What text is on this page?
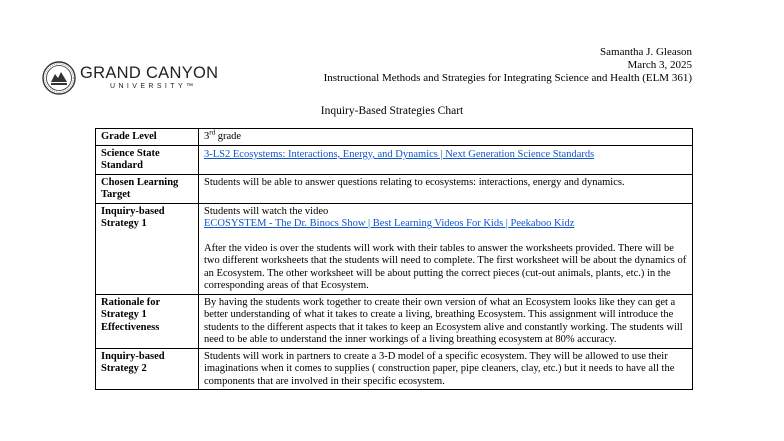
GRAND CANYON
UNIVERSITY™
Samantha J. Gleason
March 3, 2025
Instructional Methods and Strategies for Integrating Science and Health (ELM 361)
Inquiry-Based Strategies Chart
Grade Level	3rd grade
Science State Standard	3-LS2 Ecosystems: Interactions, Energy, and Dynamics | Next Generation Science Standards
Chosen Learning Target	Students will be able to answer questions relating to ecosystems: interactions, energy and dynamics.
Inquiry-based Strategy 1	Students will watch the video
ECOSYSTEM - The Dr. Binocs Show | Best Learning Videos For Kids | Peekaboo Kidz
After the video is over the students will work with their tables to answer the worksheets provided. There will be two different worksheets that the students will need to complete. The first worksheet will be about the dynamics of an Ecosystem. The other worksheet will be about putting the correct pieces (cut-out animals, plants, etc.) in the corresponding areas of that Ecosystem.

Rationale for Strategy 1 Effectiveness	By having the students work together to create their own version of what an Ecosystem looks like they can get a better understanding of what it takes to create a living, breathing Ecosystem. This assignment will introduce the students to the different aspects that it takes to keep an Ecosystem alive and constantly working. The students will need to be able to understand the inner workings of a living breathing ecosystem at 80% accuracy.
Inquiry-based Strategy 2	Students will work in partners to create a 3-D model of a specific ecosystem. They will be allowed to use their imaginations when it comes to supplies ( construction paper, pipe cleaners, clay, etc.) but it needs to have all the components that are involved in their specific ecosystem.
